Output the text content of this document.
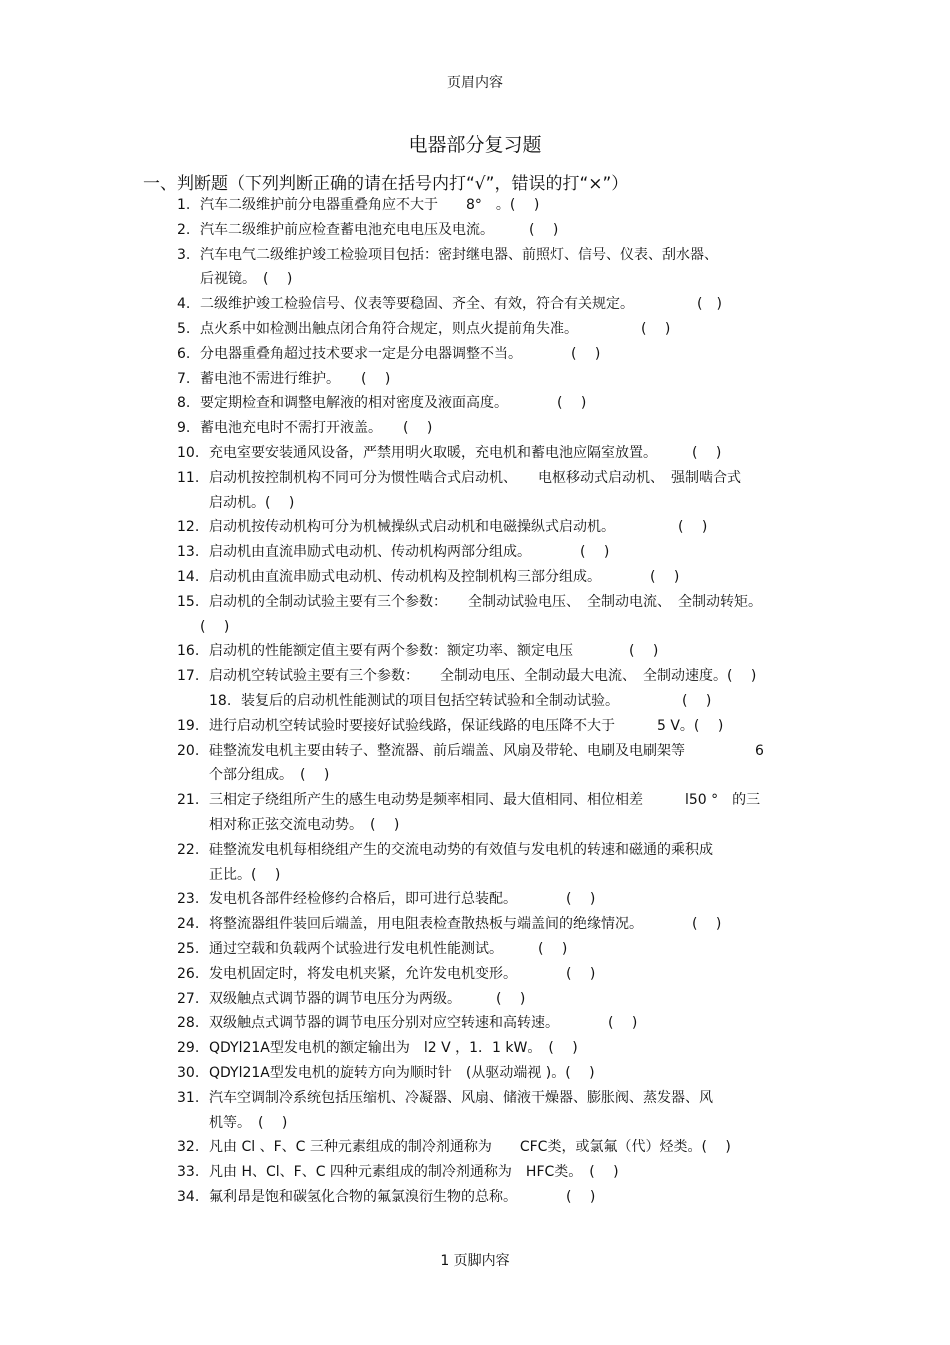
页眉内容
电器部分复习题
一、判断题（下列判断正确的请在括号内打“√”，错误的打“×”）
1. 汽车二级维护前分电器重叠角应不大于　　8°　。(　 )
2. 汽车二级维护前应检查蓄电池充电电压及电流。　　　(　 )
3. 汽车电气二级维护竣工检验项目包括：密封继电器、前照灯、信号、仪表、刮水器、
后视镜。　(　 )
4. 二级维护竣工检验信号、仪表等要稳固、齐全、有效，符合有关规定。　　　　　(　)
5. 点火系中如检测出触点闭合角符合规定，则点火提前角失准。　　　　　(　 )
6. 分电器重叠角超过技术要求一定是分电器调整不当。　　　　(　 )
7. 蓄电池不需进行维护。　　(　 )
8. 要定期检查和调整电解液的相对密度及液面高度。　　　　(　 )
9. 蓄电池充电时不需打开液盖。　　(　 )
10. 充电室要安装通风设备，严禁用明火取暖，充电机和蓄电池应隔室放置。　　　(　 )
11. 启动机按控制机构不同可分为惯性啮合式启动机、　　电枢移动式启动机、　强制啮合式
启动机。(　 )
12. 启动机按传动机构可分为机械操纵式启动机和电磁操纵式启动机。　　　　　(　 )
13. 启动机由直流串励式电动机、传动机构两部分组成。　　　　(　 )
14. 启动机由直流串励式电动机、传动机构及控制机构三部分组成。　　　　(　 )
15. 启动机的全制动试验主要有三个参数：　　全制动试验电压、　全制动电流、　全制动转矩。
(　 )
16. 启动机的性能额定值主要有两个参数：额定功率、额定电压　　　　(　 )
17. 启动机空转试验主要有三个参数：　　全制动电压、全制动最大电流、　全制动速度。(　 )
18. 装复后的启动机性能测试的项目包括空转试验和全制动试验。　　　　　(　 )
19. 进行启动机空转试验时要接好试验线路，保证线路的电压降不大于　　　5 V。(　 )
20. 硅整流发电机主要由转子、整流器、前后端盖、风扇及带轮、电刷及电刷架等　　　　　6
个部分组成。　(　 )
21. 三相定子绕组所产生的感生电动势是频率相同、最大值相同、相位相差　　　l50 °　的三
相对称正弦交流电动势。　(　 )
22. 硅整流发电机每相绕组产生的交流电动势的有效值与发电机的转速和磁通的乘积成
正比。(　 )
23. 发电机各部件经检修约合格后，即可进行总装配。　　　　(　 )
24. 将整流器组件装回后端盖，用电阻表检查散热板与端盖间的绝缘情况。　　　　(　 )
25. 通过空载和负载两个试验进行发电机性能测试。　　　(　 )
26. 发电机固定时，将发电机夹紧，允许发电机变形。　　　　(　 )
27. 双级触点式调节器的调节电压分为两级。　　　(　 )
28. 双级触点式调节器的调节电压分别对应空转速和高转速。　　　　(　 )
29. QDYl21A型发电机的额定输出为　l2 V ，1．1 kW。　(　 )
30. QDYl21A型发电机的旋转方向为顺时针　(从驱动端视 )。(　 )
31. 汽车空调制冷系统包括压缩机、冷凝器、风扇、储液干燥器、膨胀阀、蒸发器、风
机等。　(　 )
32. 凡由 Cl 、F、C 三种元素组成的制冷剂通称为　　CFC类，或氯氟（代）烃类。(　 )
33. 凡由 H、Cl、F、C 四种元素组成的制冷剂通称为　HFC类。　(　 )
34. 氟利昂是饱和碳氢化合物的氟氯溴衍生物的总称。　　　　(　 )
1 页脚内容
